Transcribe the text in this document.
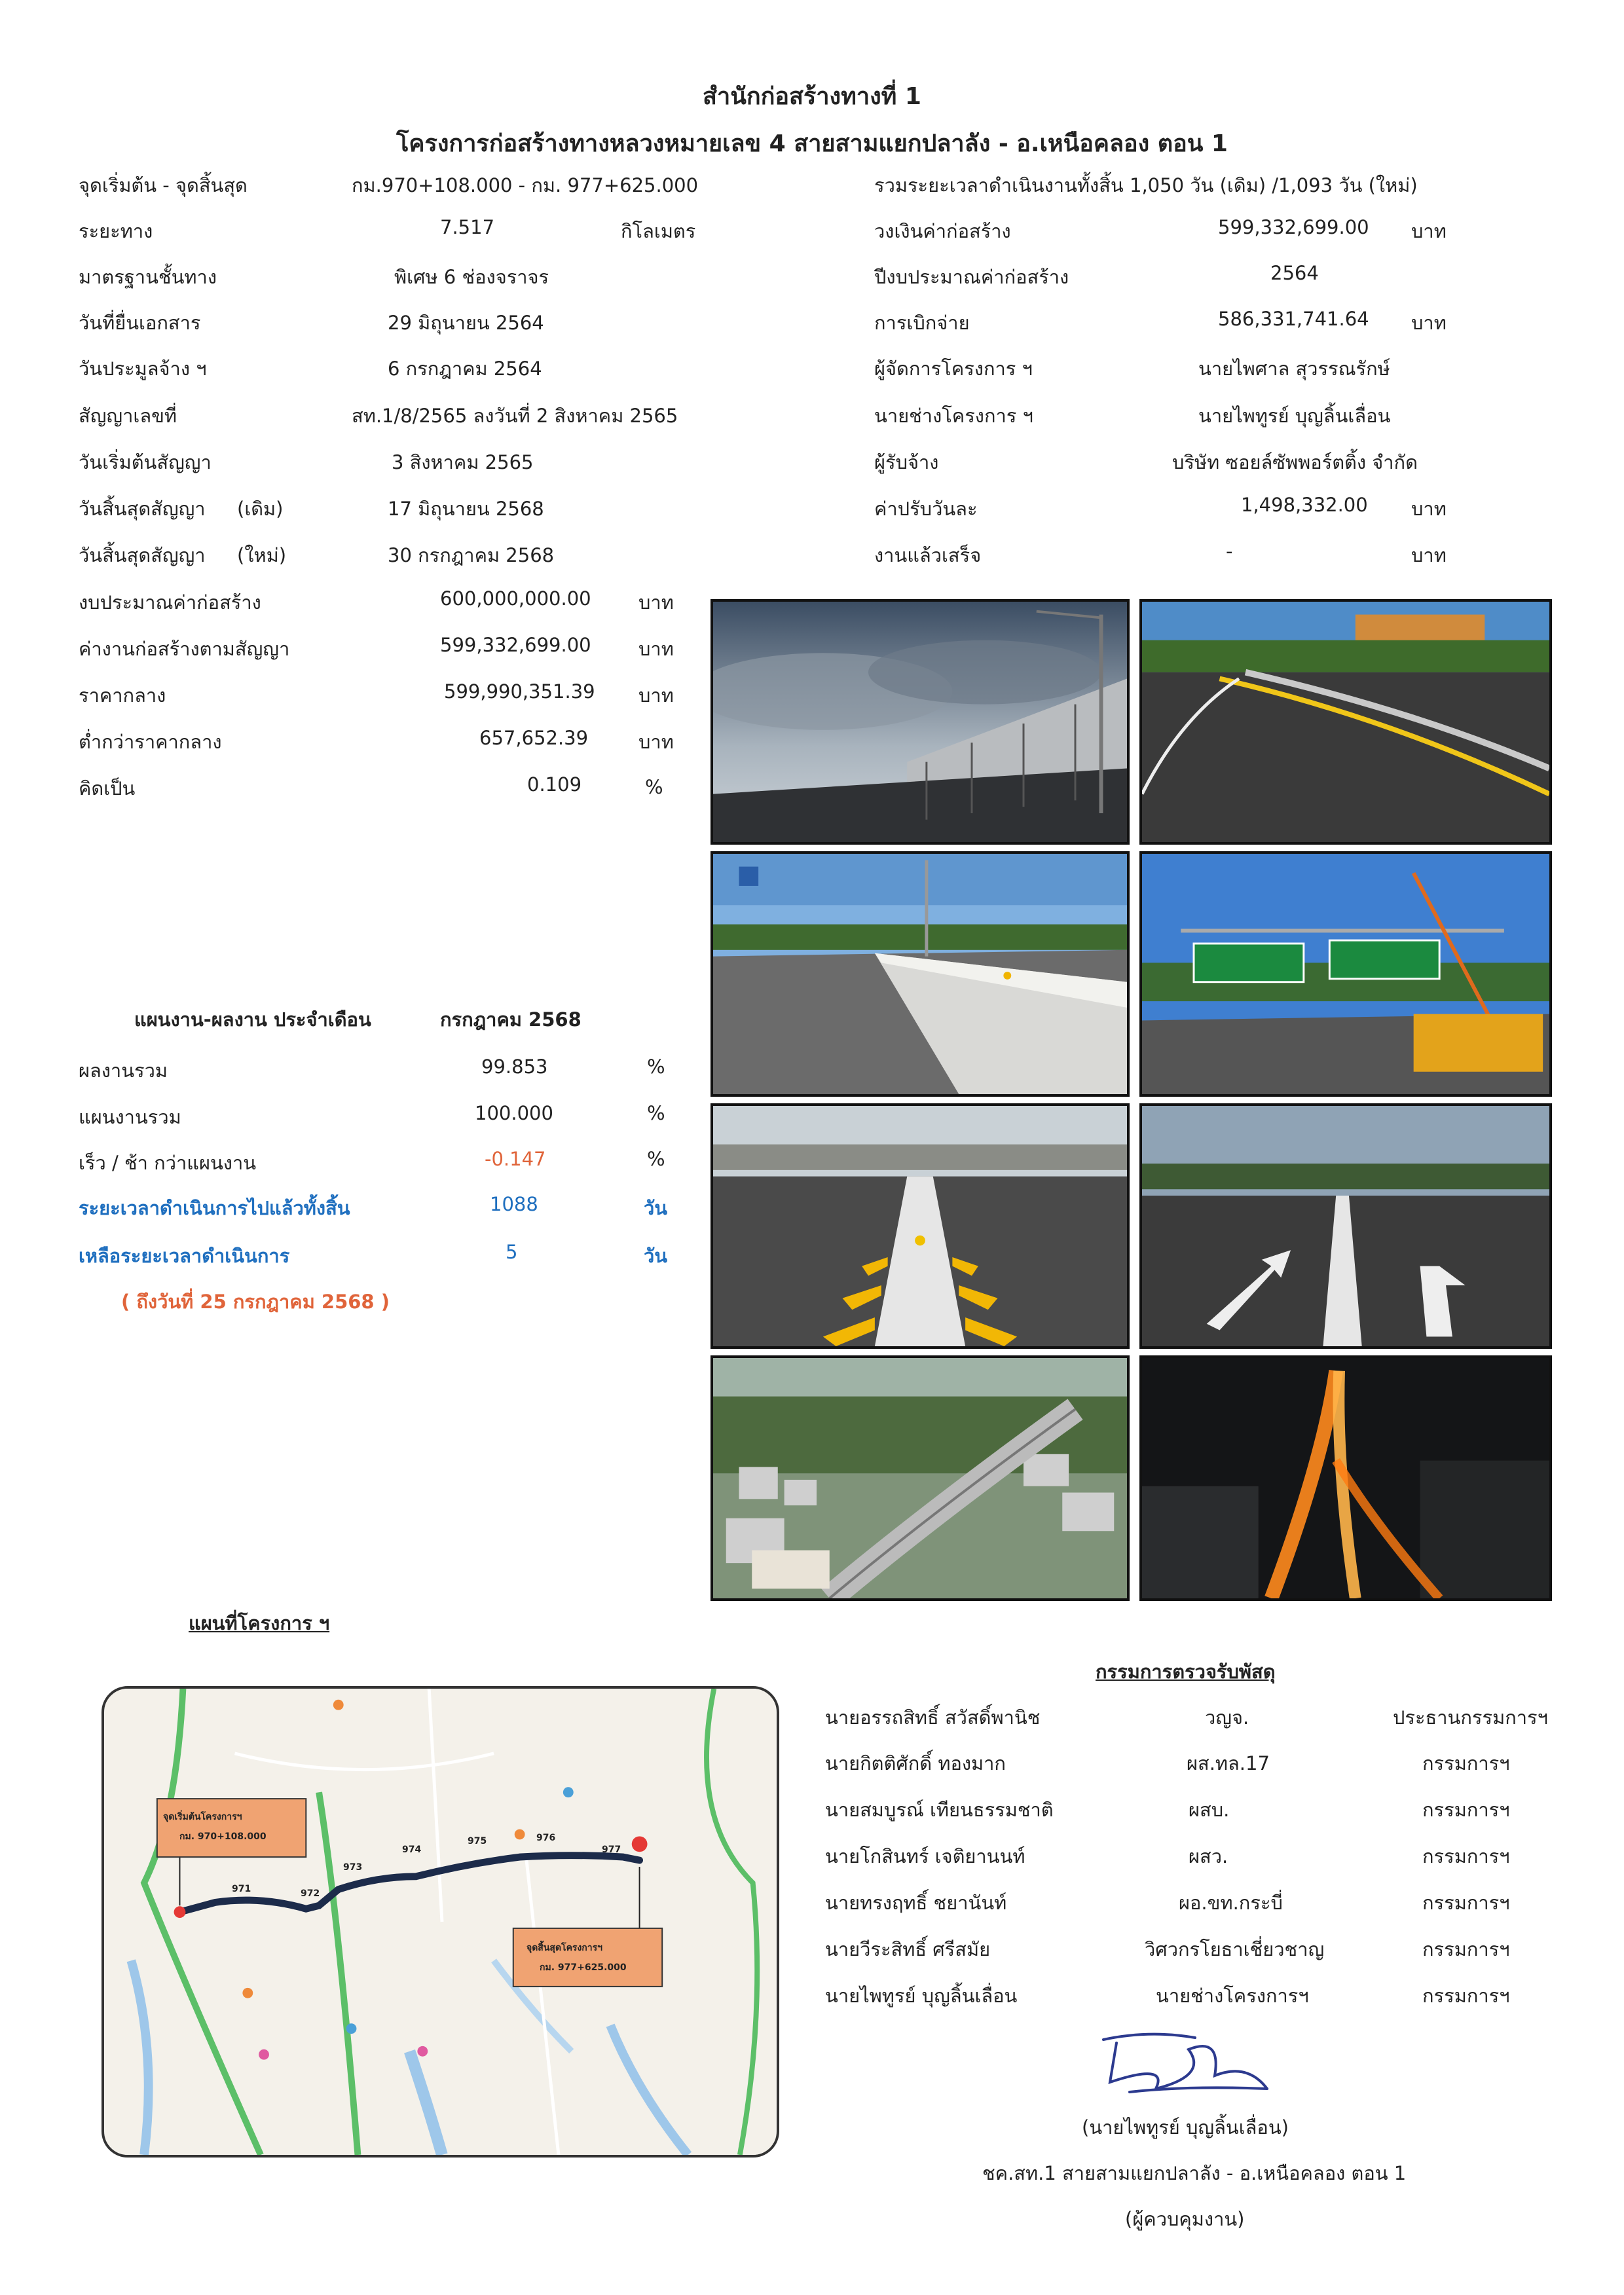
สำนักก่อสร้างทางที่ 1
โครงการก่อสร้างทางหลวงหมายเลข 4 สายสามแยกปลาลัง - อ.เหนือคลอง ตอน 1
จุดเริ่มต้น - จุดสิ้นสุด	กม.970+108.000 - กม. 977+625.000
ระยะทาง	7.517	กิโลเมตร
มาตรฐานชั้นทาง	พิเศษ 6 ช่องจราจร
วันที่ยื่นเอกสาร	29 มิถุนายน 2564
วันประมูลจ้าง ฯ	6 กรกฎาคม 2564
สัญญาเลขที่	สท.1/8/2565 ลงวันที่ 2 สิงหาคม 2565
วันเริ่มต้นสัญญา	3 สิงหาคม 2565
วันสิ้นสุดสัญญา (เดิม)	17 มิถุนายน 2568
วันสิ้นสุดสัญญา (ใหม่)	30 กรกฎาคม 2568
รวมระยะเวลาดำเนินงานทั้งสิ้น 1,050 วัน (เดิม) /1,093 วัน (ใหม่)
วงเงินค่าก่อสร้าง	599,332,699.00 บาท
ปีงบประมาณค่าก่อสร้าง	2564
การเบิกจ่าย	586,331,741.64 บาท
ผู้จัดการโครงการ ฯ	นายไพศาล สุวรรณรักษ์
นายช่างโครงการ ฯ	นายไพทูรย์ บุญลิ้นเลื่อน
ผู้รับจ้าง	บริษัท ซอยล์ซัพพอร์ตติ้ง จำกัด
ค่าปรับวันละ	1,498,332.00 บาท
งานแล้วเสร็จ	-	บาท
งบประมาณค่าก่อสร้าง	600,000,000.00 บาท
ค่างานก่อสร้างตามสัญญา	599,332,699.00 บาท
ราคากลาง	599,990,351.39 บาท
ต่ำกว่าราคากลาง	657,652.39	บาท
คิดเป็น	0.109	%
แผนงาน-ผลงาน ประจำเดือน	กรกฎาคม 2568
ผลงานรวม	99.853	%
แผนงานรวม	100.000	%
เร็ว / ช้า กว่าแผนงาน	-0.147	%
ระยะเวลาดำเนินการไปแล้วทั้งสิ้น	1088	วัน
เหลือระยะเวลาดำเนินการ	5	วัน
( ถึงวันที่ 25 กรกฎาคม 2568 )
แผนที่โครงการ ฯ
จุดเริ่มต้นโครงการฯ
กม. 970+108.000
จุดสิ้นสุดโครงการฯ
กม. 977+625.000
971	972
973
974
975	976
977
กรรมการตรวจรับพัสดุ
นายอรรถสิทธิ์ สวัสดิ์พานิช	วญจ.	ประธานกรรมการฯ
นายกิตติศักดิ์ ทองมาก	ผส.ทล.17	กรรมการฯ
นายสมบูรณ์ เทียนธรรมชาติ	ผสบ.	กรรมการฯ
นายโกสินทร์ เจติยานนท์	ผสว.	กรรมการฯ
นายทรงฤทธิ์ ชยานันท์	ผอ.ขท.กระบี่	กรรมการฯ
นายวีระสิทธิ์ ศรีสมัย	วิศวกรโยธาเชี่ยวชาญ	กรรมการฯ
นายไพทูรย์ บุญลิ้นเลื่อน	นายช่างโครงการฯ	กรรมการฯ
(นายไพทูรย์ บุญลิ้นเลื่อน)
ชค.สท.1 สายสามแยกปลาลัง - อ.เหนือคลอง ตอน 1
(ผู้ควบคุมงาน)
